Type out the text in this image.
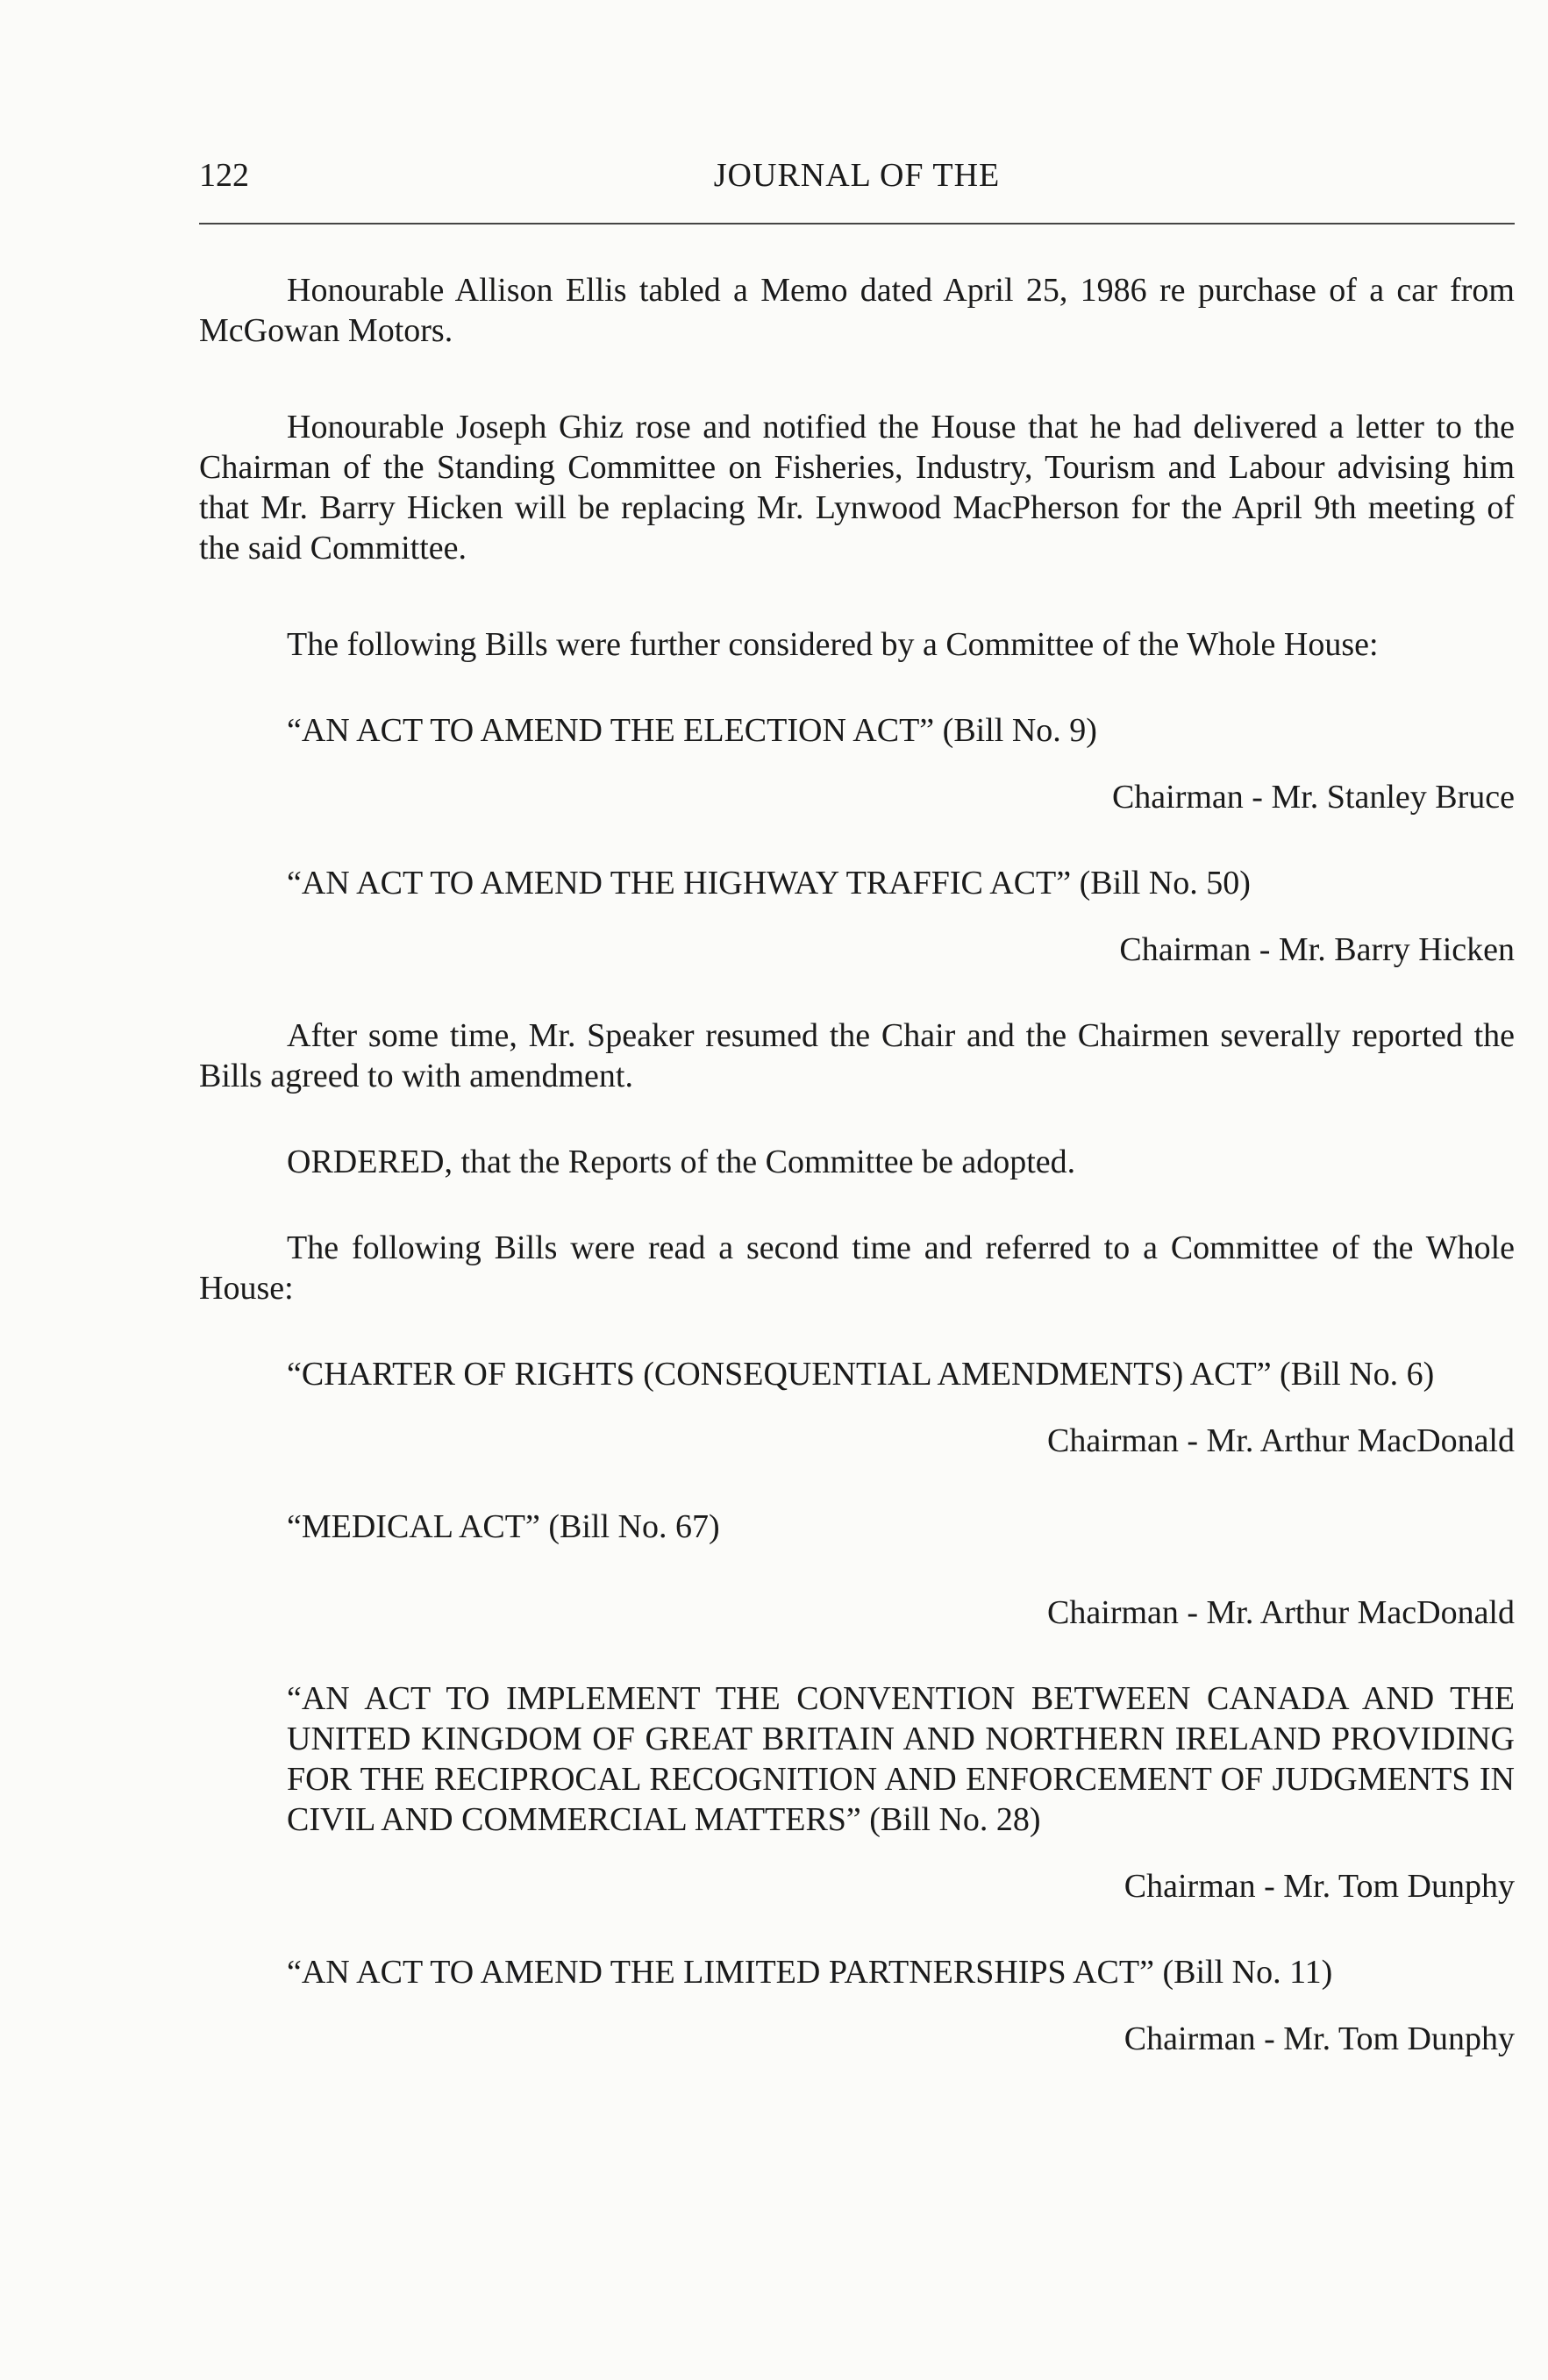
122	JOURNAL OF THE

Honourable Allison Ellis tabled a Memo dated April 25, 1986 re purchase of a car from McGowan Motors.

Honourable Joseph Ghiz rose and notified the House that he had delivered a letter to the Chairman of the Standing Committee on Fisheries, Industry, Tourism and Labour advising him that Mr. Barry Hicken will be replacing Mr. Lynwood MacPherson for the April 9th meeting of the said Committee.

The following Bills were further considered by a Committee of the Whole House:

“AN ACT TO AMEND THE ELECTION ACT” (Bill No. 9)

Chairman - Mr. Stanley Bruce

“AN ACT TO AMEND THE HIGHWAY TRAFFIC ACT” (Bill No. 50)

Chairman - Mr. Barry Hicken

After some time, Mr. Speaker resumed the Chair and the Chairmen severally reported the Bills agreed to with amendment.

ORDERED, that the Reports of the Committee be adopted.

The following Bills were read a second time and referred to a Committee of the Whole House:

“CHARTER OF RIGHTS (CONSEQUENTIAL AMENDMENTS) ACT” (Bill No. 6)

Chairman - Mr. Arthur MacDonald

“MEDICAL ACT” (Bill No. 67)

Chairman - Mr. Arthur MacDonald

“AN ACT TO IMPLEMENT THE CONVENTION BETWEEN CANADA AND THE UNITED KINGDOM OF GREAT BRITAIN AND NORTHERN IRELAND PROVIDING FOR THE RECIPROCAL RECOGNITION AND ENFORCEMENT OF JUDGMENTS IN CIVIL AND COMMERCIAL MATTERS” (Bill No. 28)

Chairman - Mr. Tom Dunphy

“AN ACT TO AMEND THE LIMITED PARTNERSHIPS ACT” (Bill No. 11)

Chairman - Mr. Tom Dunphy
